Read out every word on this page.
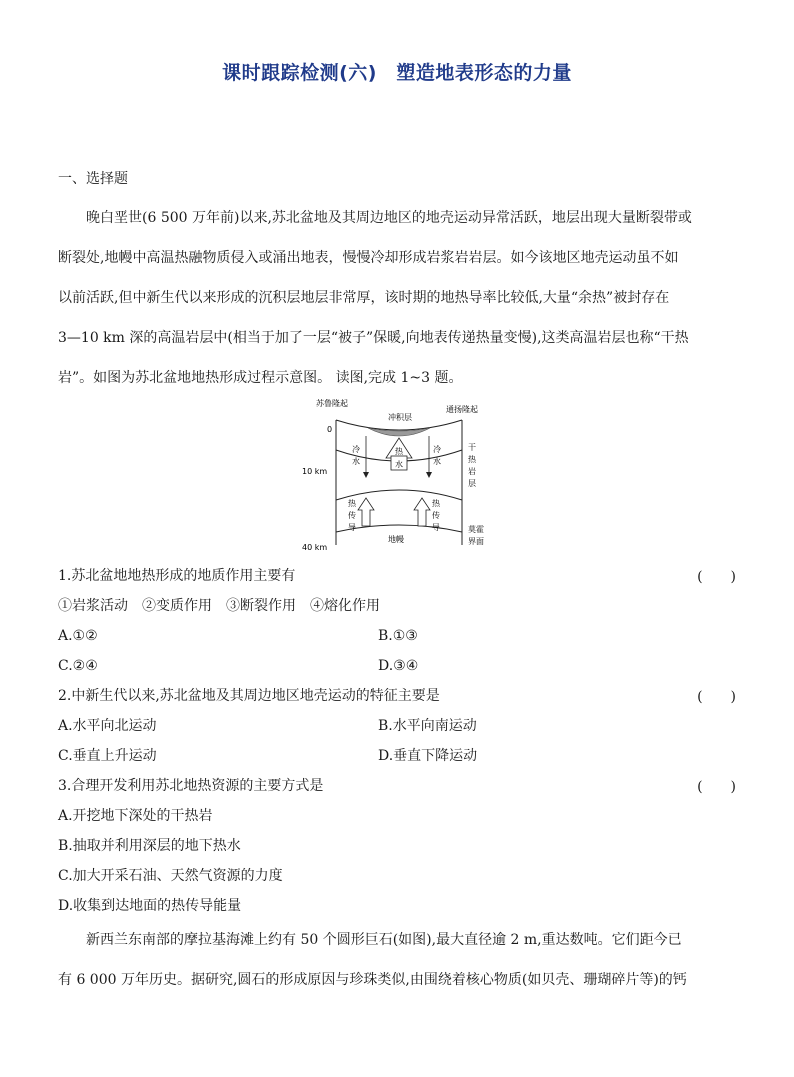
课时跟踪检测(六)　塑造地表形态的力量
一、选择题

晚白垩世(6 500 万年前)以来,苏北盆地及其周边地区的地壳运动异常活跃，地层出现大量断裂带或

断裂处,地幔中高温热融物质侵入或涌出地表，慢慢冷却形成岩浆岩岩层。如今该地区地壳运动虽不如

以前活跃,但中新生代以来形成的沉积层地层非常厚，该时期的地热导率比较低,大量“余热”被封存在

3—10 km 深的高温岩层中(相当于加了一层“被子”保暖,向地表传递热量变慢),这类高温岩层也称“干热

岩”。如图为苏北盆地地热形成过程示意图。 读图,完成 1~3 题。

苏鲁隆起
通扬隆起
冲积层
0
10 km
40 km
冷
水
冷
水
热
水
干
热
岩
层
热
传
导
热
传
导
地幔
莫霍
界面
1.苏北盆地地热形成的地质作用主要有	(　　)
①岩浆活动　②变质作用　③断裂作用　④熔化作用
A.①②	B.①③
C.②④	D.③④
2.中新生代以来,苏北盆地及其周边地区地壳运动的特征主要是	(　　)
A.水平向北运动	B.水平向南运动
C.垂直上升运动	D.垂直下降运动
3.合理开发利用苏北地热资源的主要方式是	(　　)
A.开挖地下深处的干热岩
B.抽取并利用深层的地下热水
C.加大开采石油、天然气资源的力度
D.收集到达地面的热传导能量

新西兰东南部的摩拉基海滩上约有 50 个圆形巨石(如图),最大直径逾 2 m,重达数吨。它们距今已

有 6 000 万年历史。据研究,圆石的形成原因与珍珠类似,由围绕着核心物质(如贝壳、珊瑚碎片等)的钙
